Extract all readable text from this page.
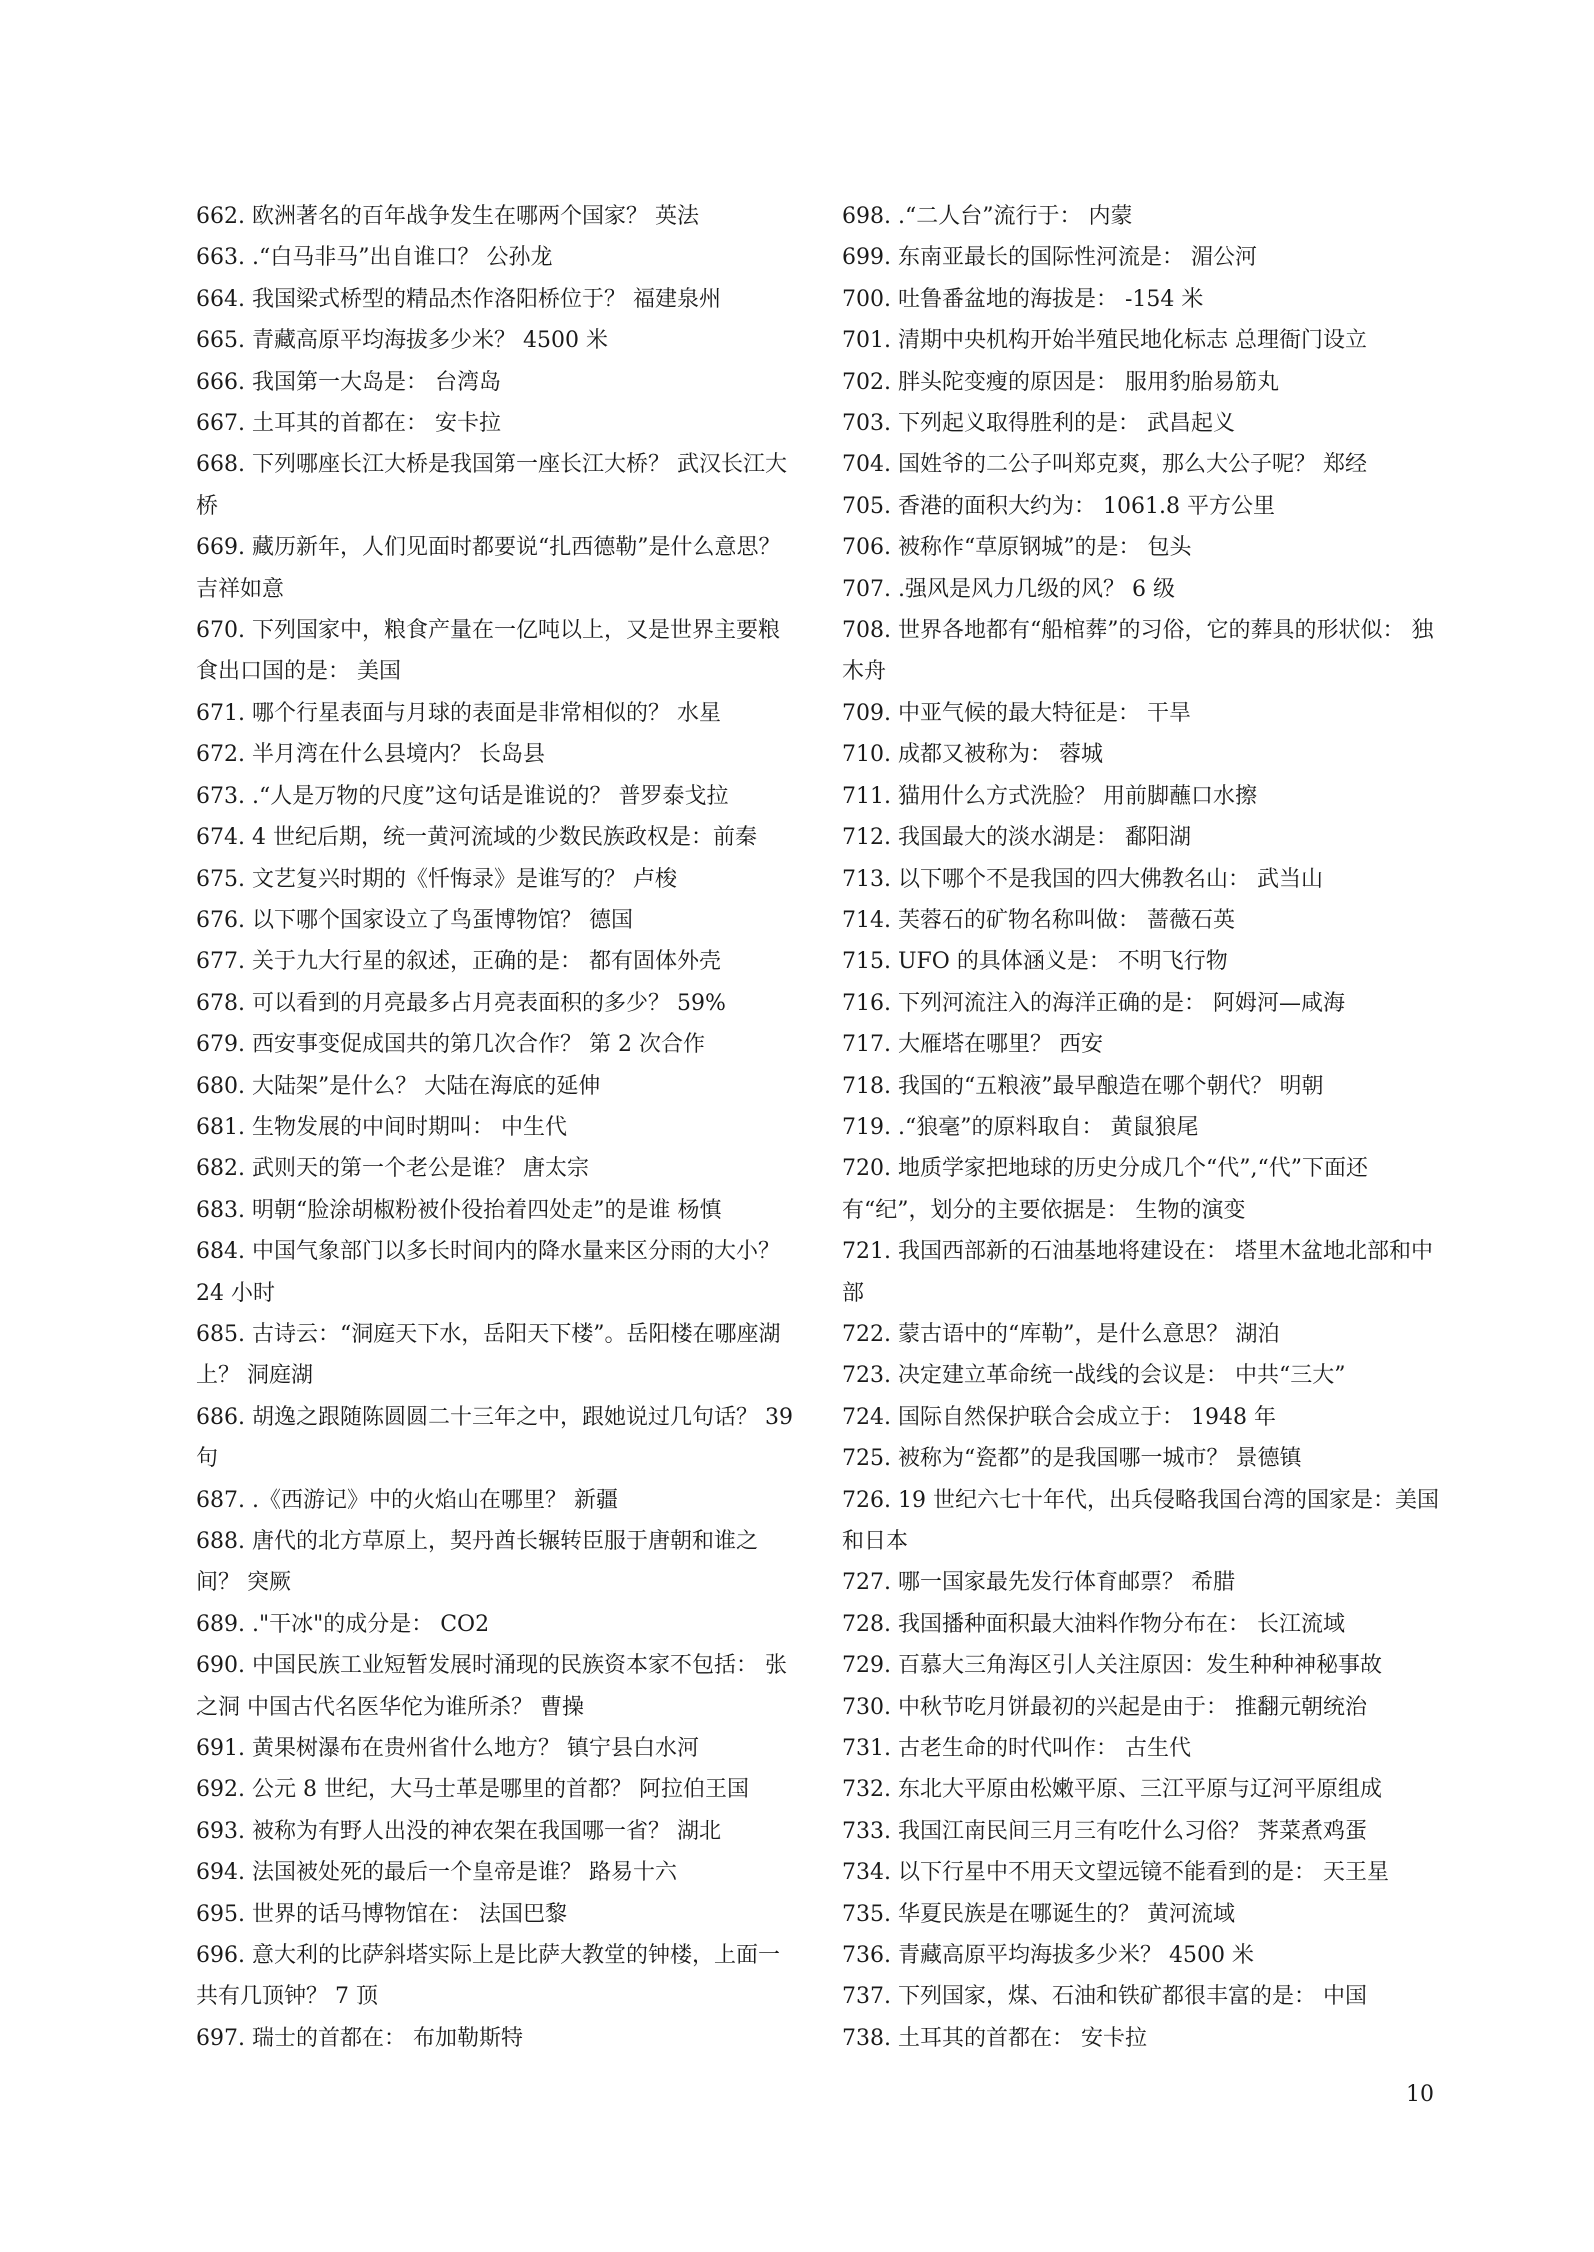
662. 欧洲著名的百年战争发生在哪两个国家？ 英法

663. .“白马非马”出自谁口？ 公孙龙

664. 我国梁式桥型的精品杰作洛阳桥位于？ 福建泉州

665. 青藏高原平均海拔多少米？ 4500 米

666. 我国第一大岛是： 台湾岛

667. 土耳其的首都在： 安卡拉

668. 下列哪座长江大桥是我国第一座长江大桥？ 武汉长江大桥

669. 藏历新年，人们见面时都要说“扎西德勒”是什么意思？ 吉祥如意

670. 下列国家中，粮食产量在一亿吨以上，又是世界主要粮食出口国的是： 美国

671. 哪个行星表面与月球的表面是非常相似的？ 水星

672. 半月湾在什么县境内？ 长岛县

673. .“人是万物的尺度”这句话是谁说的？ 普罗泰戈拉

674. 4 世纪后期，统一黄河流域的少数民族政权是：前秦

675. 文艺复兴时期的《忏悔录》是谁写的？ 卢梭

676. 以下哪个国家设立了鸟蛋博物馆？ 德国

677. 关于九大行星的叙述，正确的是： 都有固体外壳

678. 可以看到的月亮最多占月亮表面积的多少？ 59%

679. 西安事变促成国共的第几次合作？ 第 2 次合作

680. 大陆架”是什么？ 大陆在海底的延伸

681. 生物发展的中间时期叫： 中生代

682. 武则天的第一个老公是谁？ 唐太宗

683. 明朝“脸涂胡椒粉被仆役抬着四处走”的是谁 杨慎

684. 中国气象部门以多长时间内的降水量来区分雨的大小？ 24 小时

685. 古诗云：“洞庭天下水，岳阳天下楼”。岳阳楼在哪座湖上？ 洞庭湖

686. 胡逸之跟随陈圆圆二十三年之中，跟她说过几句话？ 39 句

687. .《西游记》中的火焰山在哪里？ 新疆

688. 唐代的北方草原上，契丹酋长辗转臣服于唐朝和谁之间？ 突厥

689. ."干冰"的成分是： CO2

690. 中国民族工业短暂发展时涌现的民族资本家不包括： 张之洞 中国古代名医华佗为谁所杀？ 曹操

691. 黄果树瀑布在贵州省什么地方？ 镇宁县白水河

692. 公元 8 世纪，大马士革是哪里的首都？ 阿拉伯王国

693. 被称为有野人出没的神农架在我国哪一省？ 湖北

694. 法国被处死的最后一个皇帝是谁？ 路易十六

695. 世界的话马博物馆在： 法国巴黎

696. 意大利的比萨斜塔实际上是比萨大教堂的钟楼，上面一共有几顶钟？ 7 顶

697. 瑞士的首都在： 布加勒斯特

698. .“二人台”流行于： 内蒙

699. 东南亚最长的国际性河流是： 湄公河

700. 吐鲁番盆地的海拔是： -154 米

701. 清期中央机构开始半殖民地化标志 总理衙门设立

702. 胖头陀变瘦的原因是： 服用豹胎易筋丸

703. 下列起义取得胜利的是： 武昌起义

704. 国姓爷的二公子叫郑克爽，那么大公子呢？ 郑经

705. 香港的面积大约为： 1061.8 平方公里

706. 被称作“草原钢城”的是： 包头

707. .强风是风力几级的风？ 6 级

708. 世界各地都有“船棺葬”的习俗，它的葬具的形状似： 独木舟

709. 中亚气候的最大特征是： 干旱

710. 成都又被称为： 蓉城

711. 猫用什么方式洗脸？ 用前脚蘸口水擦

712. 我国最大的淡水湖是： 鄱阳湖

713. 以下哪个不是我国的四大佛教名山： 武当山

714. 芙蓉石的矿物名称叫做： 蔷薇石英

715. UFO 的具体涵义是： 不明飞行物

716. 下列河流注入的海洋正确的是： 阿姆河—咸海

717. 大雁塔在哪里？ 西安

718. 我国的“五粮液”最早酿造在哪个朝代？ 明朝

719. .“狼毫”的原料取自： 黄鼠狼尾

720. 地质学家把地球的历史分成几个“代”,“代”下面还有“纪”，划分的主要依据是： 生物的演变

721. 我国西部新的石油基地将建设在： 塔里木盆地北部和中部

722. 蒙古语中的“库勒”，是什么意思？ 湖泊

723. 决定建立革命统一战线的会议是： 中共“三大”

724. 国际自然保护联合会成立于： 1948 年

725. 被称为“瓷都”的是我国哪一城市？ 景德镇

726. 19 世纪六七十年代，出兵侵略我国台湾的国家是：美国和日本

727. 哪一国家最先发行体育邮票？ 希腊

728. 我国播种面积最大油料作物分布在： 长江流域

729. 百慕大三角海区引人关注原因：发生种种神秘事故

730. 中秋节吃月饼最初的兴起是由于： 推翻元朝统治

731. 古老生命的时代叫作： 古生代

732. 东北大平原由松嫩平原、三江平原与辽河平原组成

733. 我国江南民间三月三有吃什么习俗？ 荠菜煮鸡蛋

734. 以下行星中不用天文望远镜不能看到的是： 天王星

735. 华夏民族是在哪诞生的？ 黄河流域

736. 青藏高原平均海拔多少米？ 4500 米

737. 下列国家，煤、石油和铁矿都很丰富的是： 中国

738. 土耳其的首都在： 安卡拉

10
